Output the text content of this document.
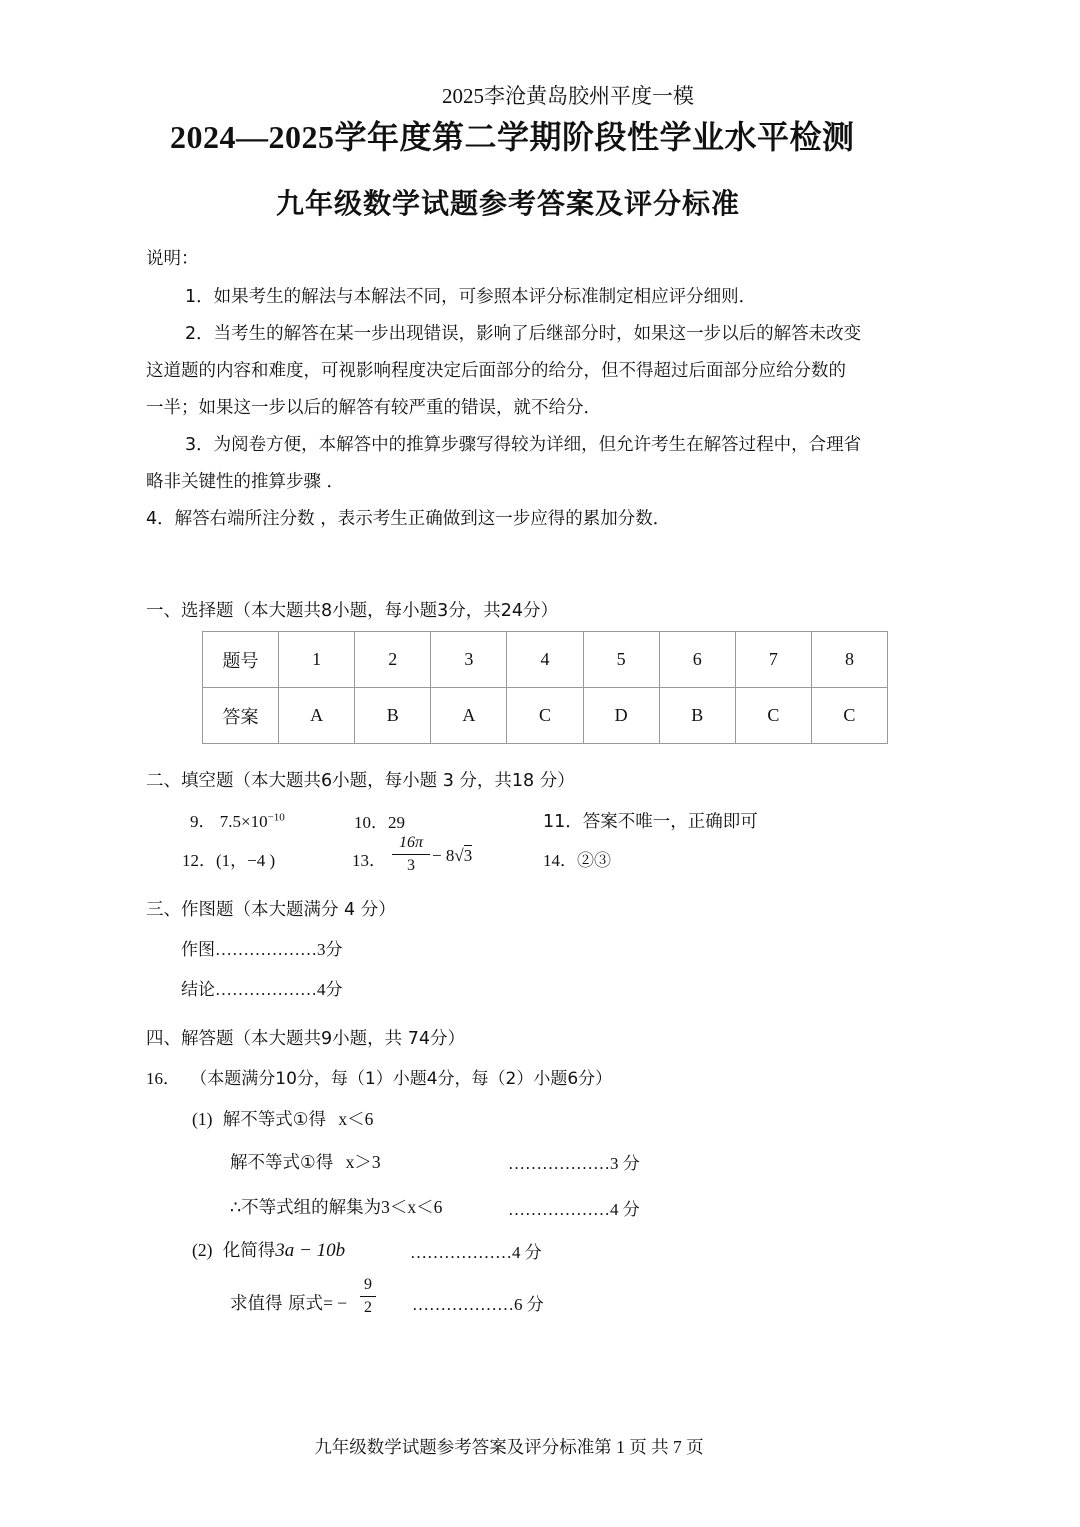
2025李沧黄岛胶州平度一模
2024—2025学年度第二学期阶段性学业水平检测
九年级数学试题参考答案及评分标准
说明：
1．如果考生的解法与本解法不同，可参照本评分标准制定相应评分细则．
2．当考生的解答在某一步出现错误，影响了后继部分时，如果这一步以后的解答未改变
这道题的内容和难度，可视影响程度决定后面部分的给分，但不得超过后面部分应给分数的
一半；如果这一步以后的解答有较严重的错误，就不给分．
3．为阅卷方便，本解答中的推算步骤写得较为详细，但允许考生在解答过程中，合理省
略非关键性的推算步骤 ．
4．解答右端所注分数 ，表示考生正确做到这一步应得的累加分数．
一、选择题（本大题共8小题，每小题3分，共24分）
题号	1	2	3	4	5	6	7	8
答案	A	B	A	C	D	B	C	C
二、填空题（本大题共6小题，每小题 3 分，共18 分）
9． $7.5\times 10^{-10}$	10．29	11．答案不唯一，正确即可
12．(1，−4 )	13．
16π
3
− 8√3	14．②③
三、作图题（本大题满分 4 分）
作图………………3分
结论………………4分
四、解答题（本大题共9小题，共 74分）
16． （本题满分10分，每（1）小题4分，每（2）小题6分）
(1) 解不等式①得 x＜6
解不等式①得 x＞3	………………3 分
∴不等式组的解集为3＜x＜6	………………4 分
(2) 化简得3a − 10b	………………4 分
求值得 原式= −
9
2 ………………6 分
九年级数学试题参考答案及评分标准第 1 页 共 7 页
